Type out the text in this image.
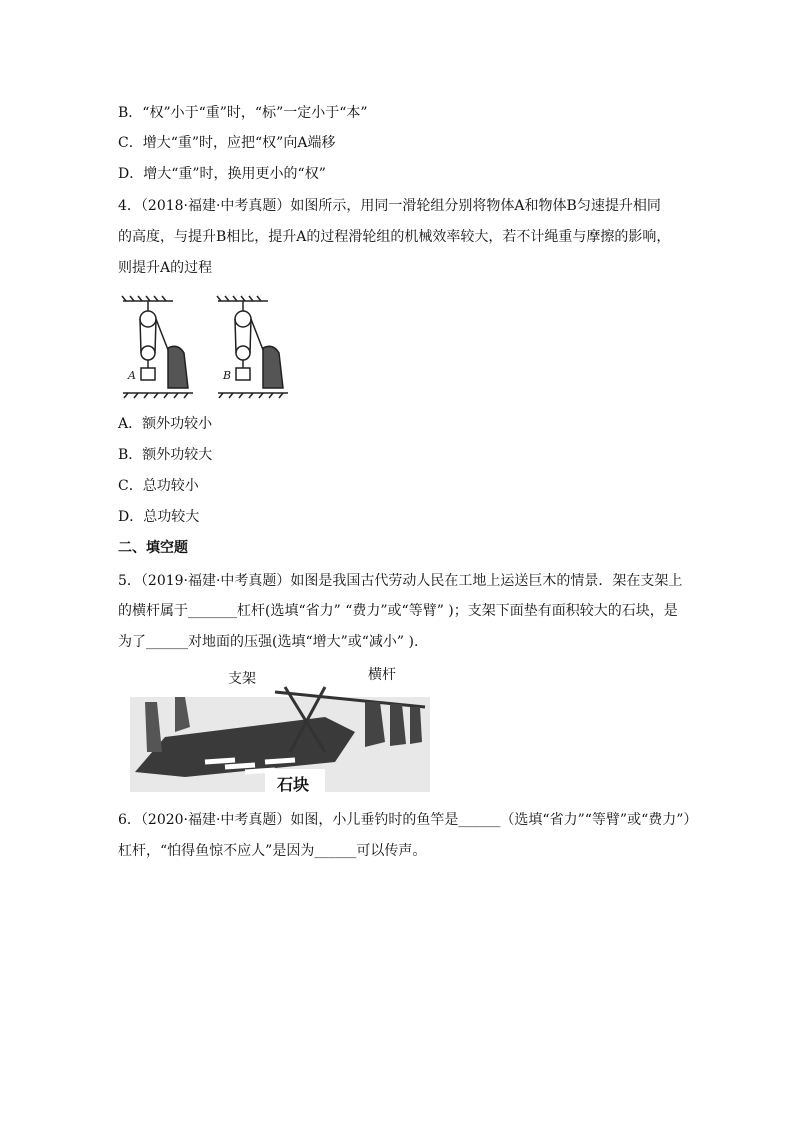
B．“权”小于“重”时，“标”一定小于“本”
C．增大“重”时，应把“权”向A端移
D．增大“重”时，换用更小的“权”
4．（2018·福建·中考真题）如图所示，用同一滑轮组分别将物体A和物体B匀速提升相同
的高度，与提升B相比，提升A的过程滑轮组的机械效率较大，若不计绳重与摩擦的影响，
则提升A的过程
A	B
A．额外功较小
B．额外功较大
C．总功较小
D．总功较大
二、填空题
5．（2019·福建·中考真题）如图是我国古代劳动人民在工地上运送巨木的情景．架在支架上
的横杆属于_______杠杆(选填“省力” “费力”或“等臂” )；支架下面垫有面积较大的石块，是
为了______对地面的压强(选填“增大”或“减小” ).
支架	横杆
石块
6．（2020·福建·中考真题）如图，小儿垂钓时的鱼竿是______（选填“省力”“等臂”或“费力”）
杠杆，“怕得鱼惊不应人”是因为______可以传声。
